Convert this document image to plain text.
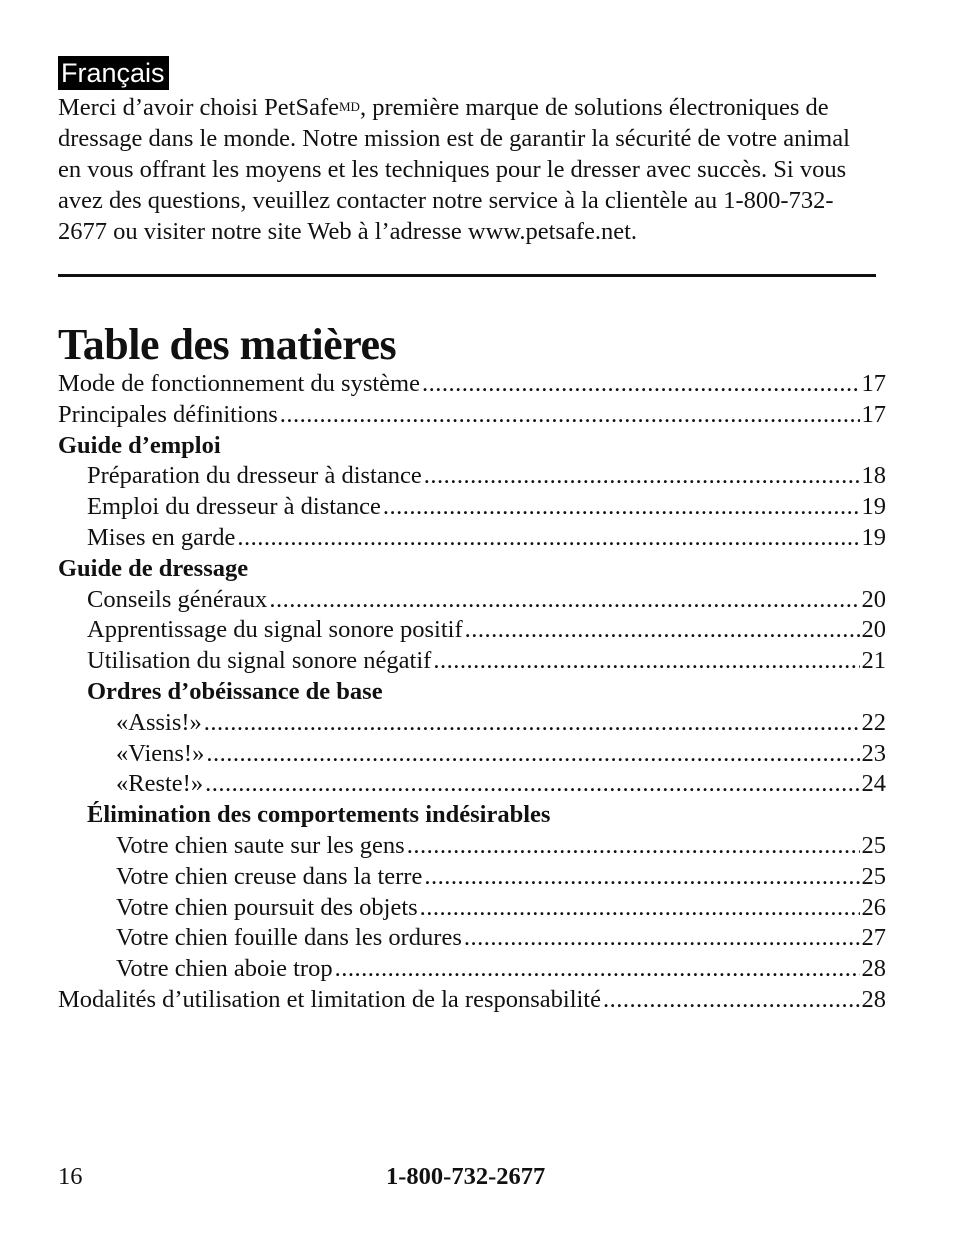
Français

Merci d’avoir choisi PetSafe$^{MD}$, première marque de solutions électroniques de dressage dans le monde. Notre mission est de garantir la sécurité de votre animal en vous offrant les moyens et les techniques pour le dresser avec succès. Si vous avez des questions, veuillez contacter notre service à la clientèle au 1-800-732-2677 ou visiter notre site Web à l’adresse www.petsafe.net.

Table des matières
Mode de fonctionnement du système .....	17
Principales définitions .....	17
Guide d’emploi
Préparation du dresseur à distance .....	18
Emploi du dresseur à distance .....	19
Mises en garde .....	19
Guide de dressage
Conseils généraux .....	20
Apprentissage du signal sonore positif .....	20
Utilisation du signal sonore négatif .....	21
Ordres d’obéissance de base
«Assis!» .....	22
«Viens!» .....	23
«Reste!» .....	24
Élimination des comportements indésirables
Votre chien saute sur les gens .....	25
Votre chien creuse dans la terre .....	25
Votre chien poursuit des objets .....	26
Votre chien fouille dans les ordures .....	27
Votre chien aboie trop .....	28
Modalités d’utilisation et limitation de la responsabilité .....	28
16	1-800-732-2677
